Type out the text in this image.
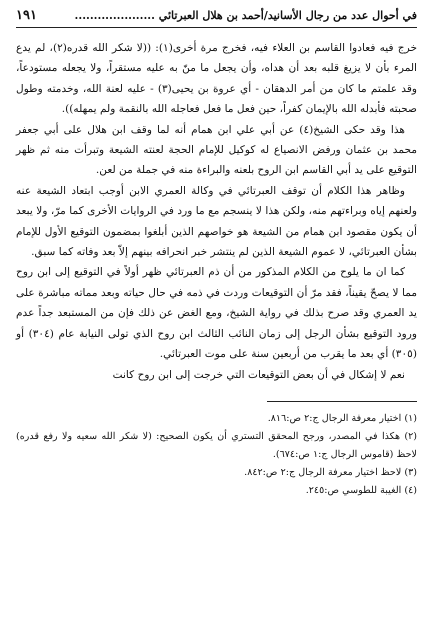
في أحوال عدد من رجال الأسانيد/أحمد بن هلال العبرتائي .....................
١٩١

خرج فيه فعادوا القاسم بن العلاء فيه، فخرج مرة أخرى(١): ((لا شكر الله قدره(٢)، لم يدع المرء بأن لا يزيغ قلبه بعد أن هداه، وأن يجعل ما منّ به عليه مستقراً، ولا يجعله مستودعاً، وقد علمتم ما كان من أمر الدهقان - أي عروة بن يحيى(٣) - عليه لعنة الله، وخدمته وطول صحبته فأبدله الله بالإيمان كفراً، حين فعل ما فعل فعاجله الله بالنقمة ولم يمهله)).

هذا وقد حكى الشيخ(٤) عن أبي علي ابن همام أنه لما وقف ابن هلال على أبي جعفر محمد بن عثمان ورفض الانصياع له كوكيل للإمام الحجة لعنته الشيعة وتبرأت منه ثم ظهر التوقيع على يد أبي القاسم ابن الروح بلعنه والبراءة منه في جملة من لعن.

وظاهر هذا الكلام أن توقف العبرتائي في وكالة العمري الابن أوجب ابتعاد الشيعة عنه ولعنهم إياه وبراءتهم منه، ولكن هذا لا ينسجم مع ما ورد في الروايات الأخرى كما مرّ، ولا يبعد أن يكون مقصود ابن همام من الشيعة هو خواصهم الذين أبلغوا بمضمون التوقيع الأول للإمام بشأن العبرتائي، لا عموم الشيعة الذين لم ينتشر خبر انحرافه بينهم إلاّ بعد وفاته كما سبق.

كما ان ما يلوح من الكلام المذكور من أن ذم العبرتائي ظهر أولاً في التوقيع إلى ابن روح مما لا يصحّ يقيناً، فقد مرّ أن التوقيعات وردت في ذمه في حال حياته وبعد مماته مباشرة على يد العمري وقد صرح بذلك في رواية الشيخ، ومع الغض عن ذلك فإن من المستبعد جداً عدم ورود التوقيع بشأن الرجل إلى زمان النائب الثالث ابن روح الذي تولى النيابة عام (٣٠٤) أو (٣٠٥) أي بعد ما يقرب من أربعين سنة على موت العبرتائي.

نعم لا إشكال في أن بعض التوقيعات التي خرجت إلى ابن روح كانت

(١) اختيار معرفة الرجال ج:٢ ص:٨١٦.

(٢) هكذا في المصدر، ورجح المحقق التستري أن يكون الصحيح: (لا شكر الله سعيه ولا رفع قدره) لاحظ (قاموس الرجال ج:١ ص:٦٧٤).

(٣) لاحظ اختيار معرفة الرجال ج:٢ ص:٨٤٢.

(٤) الغيبة للطوسي ص:٢٤٥.
